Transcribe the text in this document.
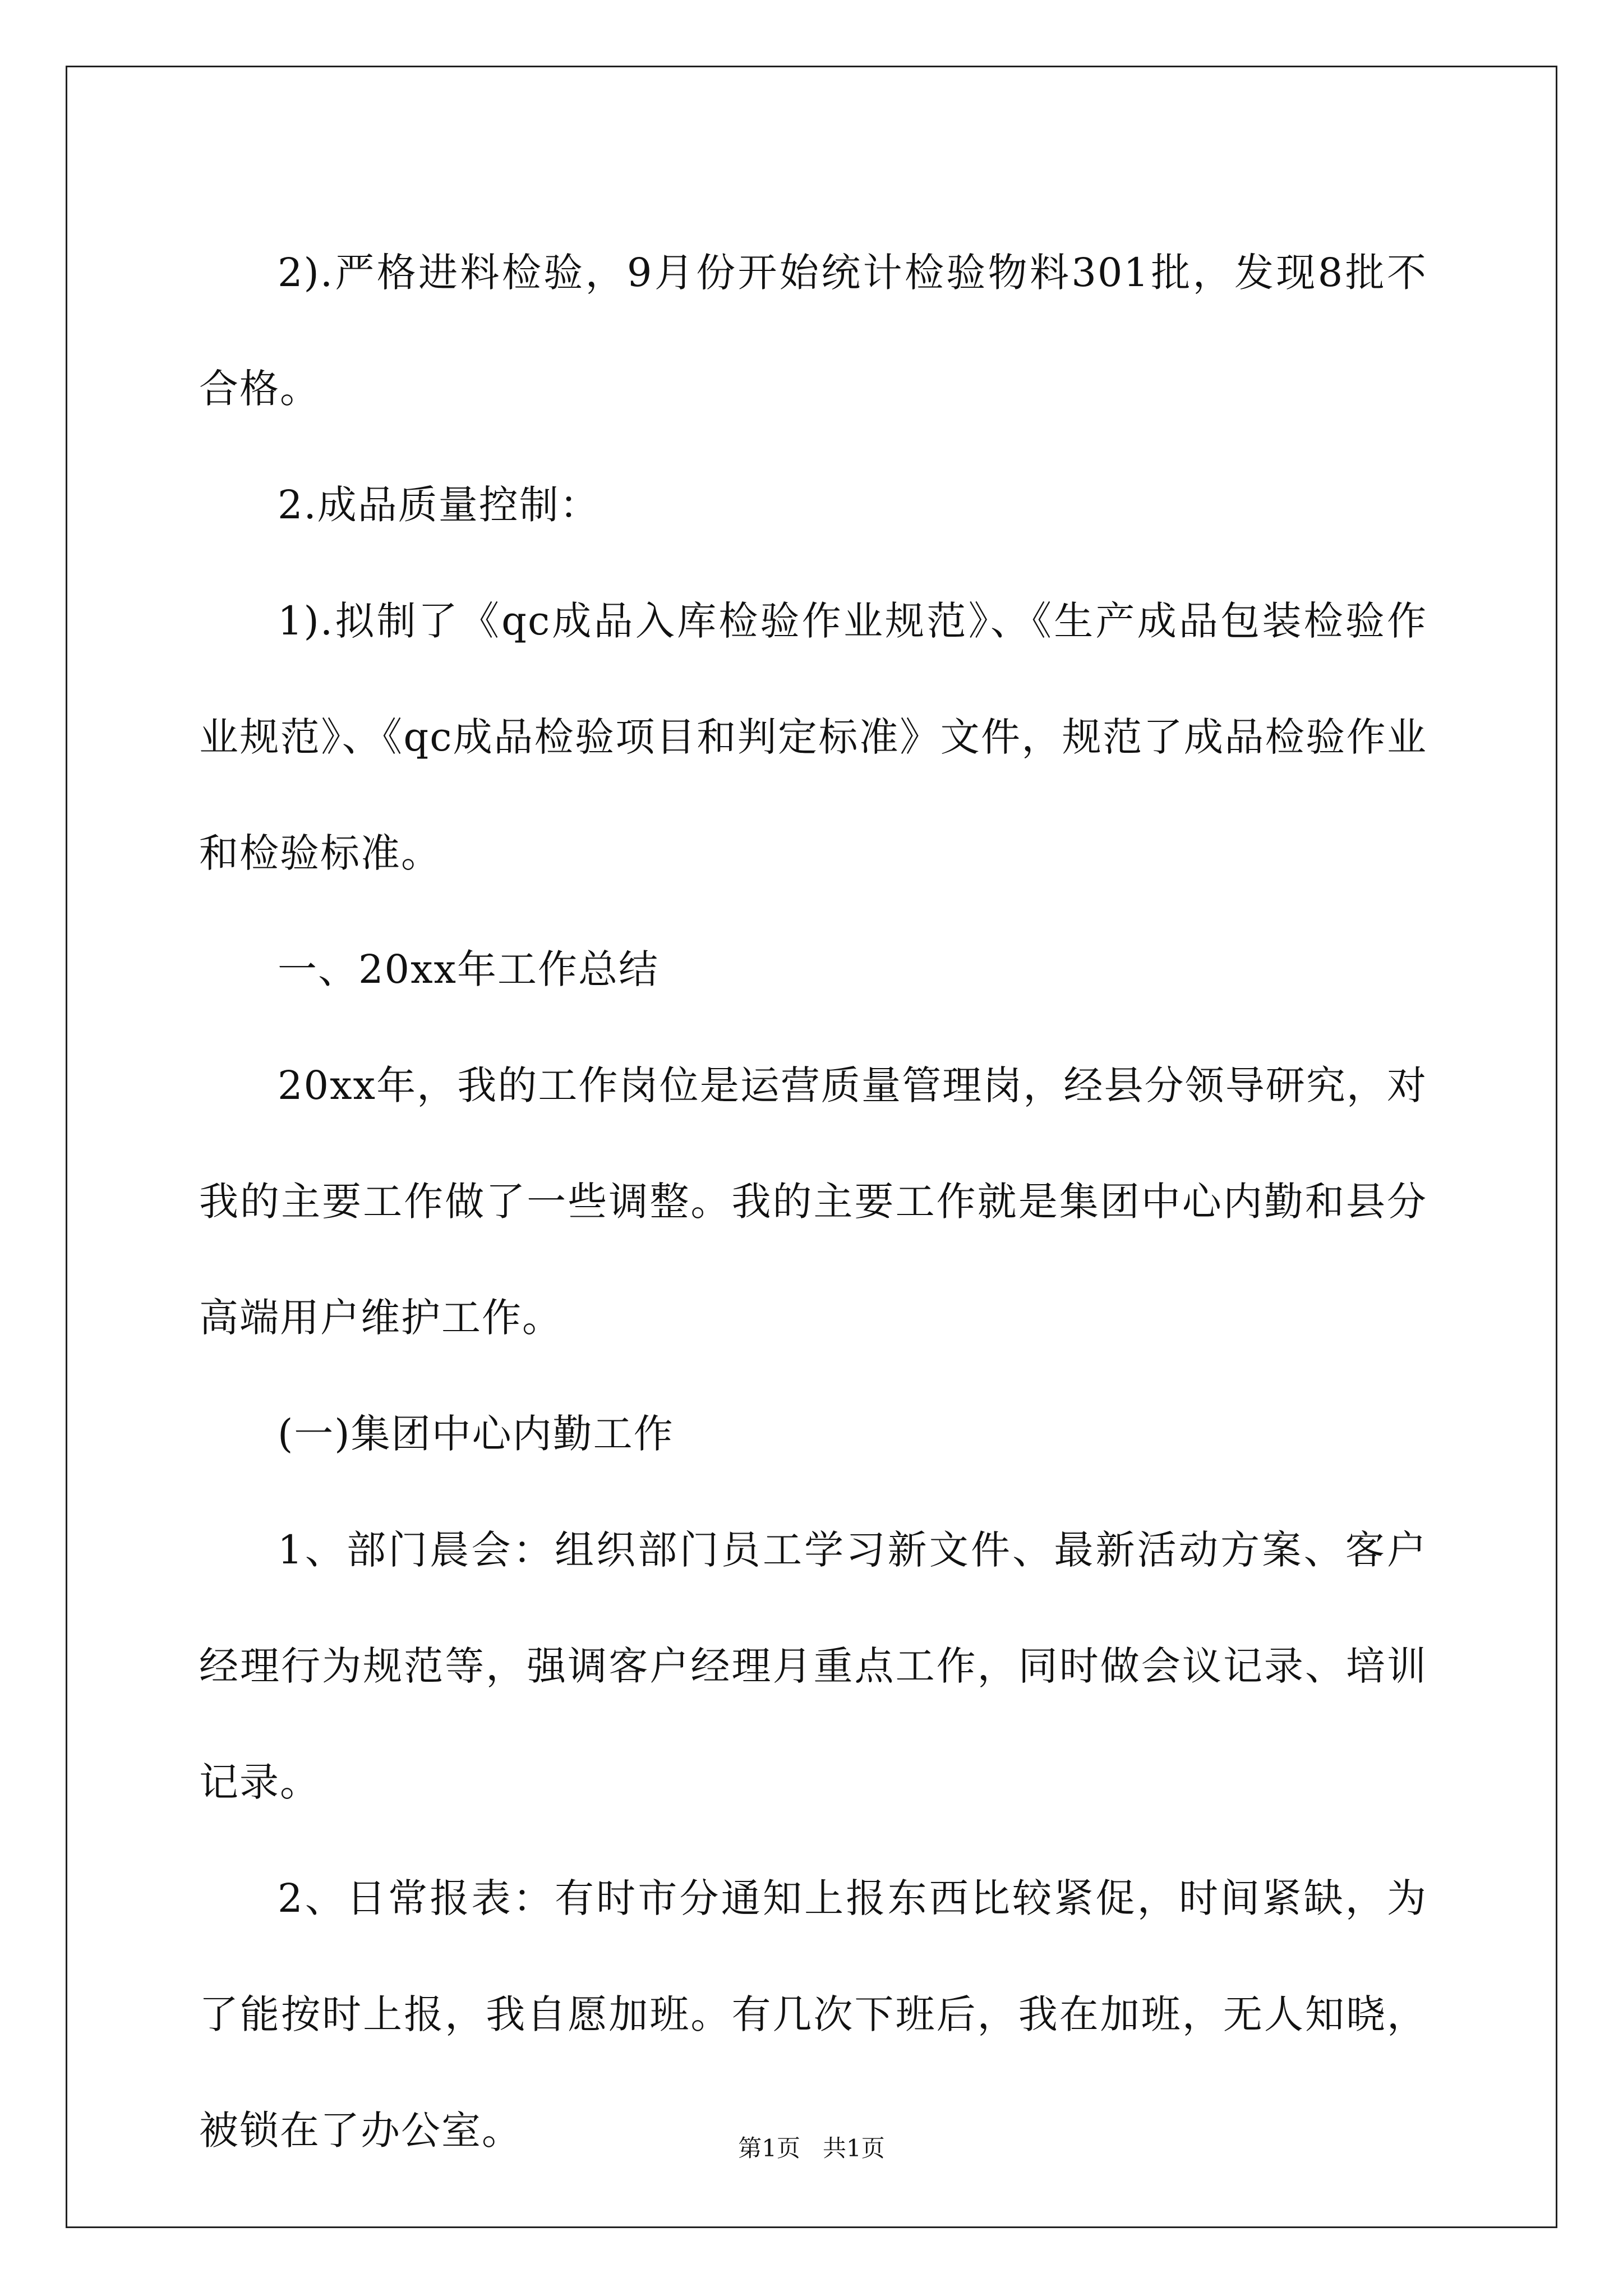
2).严格进料检验，9月份开始统计检验物料301批，发现8批不合格。

2.成品质量控制：

1).拟制了《qc成品入库检验作业规范》、《生产成品包装检验作业规范》、《qc成品检验项目和判定标准》文件，规范了成品检验作业和检验标准。

一、20xx年工作总结

20xx年，我的工作岗位是运营质量管理岗，经县分领导研究，对我的主要工作做了一些调整。我的主要工作就是集团中心内勤和县分高端用户维护工作。

(一)集团中心内勤工作

1、部门晨会：组织部门员工学习新文件、最新活动方案、客户经理行为规范等，强调客户经理月重点工作，同时做会议记录、培训记录。

2、日常报表：有时市分通知上报东西比较紧促，时间紧缺，为了能按时上报，我自愿加班。有几次下班后，我在加班，无人知晓，被锁在了办公室。	第1页 共1页
